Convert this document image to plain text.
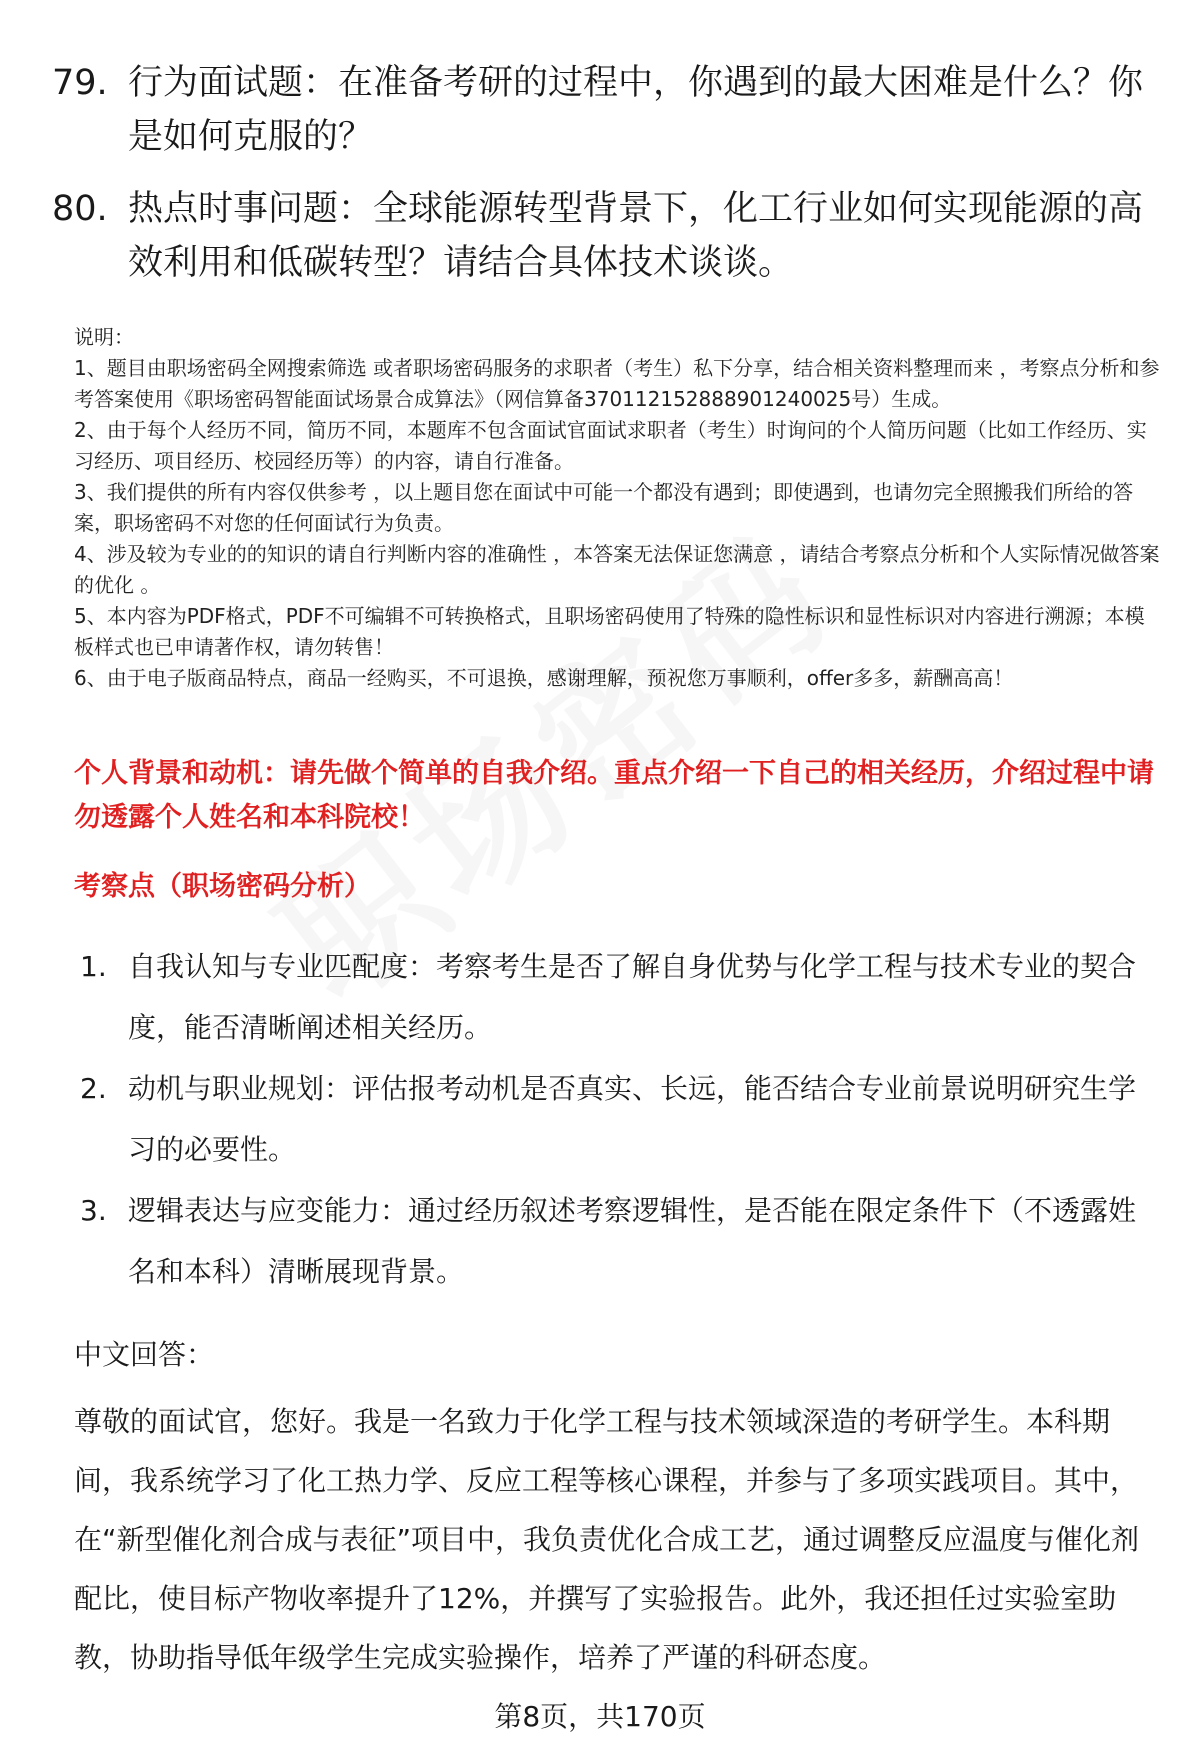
79. 行为面试题：在准备考研的过程中，你遇到的最大困难是什么？你是如何克服的？
80. 热点时事问题：全球能源转型背景下，化工行业如何实现能源的高效利用和低碳转型？请结合具体技术谈谈。

说明：

1、题目由职场密码全网搜索筛选 或者职场密码服务的求职者（考生）私下分享，结合相关资料整理而来 ，考察点分析和参考答案使用《职场密码智能面试场景合成算法》（网信算备370112152888901240025号）生成。

2、由于每个人经历不同，简历不同，本题库不包含面试官面试求职者（考生）时询问的个人简历问题（比如工作经历、实习经历、项目经历、校园经历等）的内容，请自行准备。

3、我们提供的所有内容仅供参考 ，以上题目您在面试中可能一个都没有遇到；即使遇到，也请勿完全照搬我们所给的答案，职场密码不对您的任何面试行为负责。

4、涉及较为专业的的知识的请自行判断内容的准确性 ，本答案无法保证您满意 ，请结合考察点分析和个人实际情况做答案的优化 。

5、本内容为PDF格式，PDF不可编辑不可转换格式，且职场密码使用了特殊的隐性标识和显性标识对内容进行溯源；本模板样式也已申请著作权，请勿转售！

6、由于电子版商品特点，商品一经购买，不可退换，感谢理解，预祝您万事顺利，offer多多，薪酬高高！

个人背景和动机：请先做个简单的自我介绍。重点介绍一下自己的相关经历，介绍过程中请勿透露个人姓名和本科院校！
考察点（职场密码分析）
1. 自我认知与专业匹配度：考察考生是否了解自身优势与化学工程与技术专业的契合度，能否清晰阐述相关经历。
2. 动机与职业规划：评估报考动机是否真实、长远，能否结合专业前景说明研究生学习的必要性。
3. 逻辑表达与应变能力：通过经历叙述考察逻辑性，是否能在限定条件下（不透露姓名和本科）清晰展现背景。
中文回答：
尊敬的面试官，您好。我是一名致力于化学工程与技术领域深造的考研学生。本科期间，我系统学习了化工热力学、反应工程等核心课程，并参与了多项实践项目。其中，在“新型催化剂合成与表征”项目中，我负责优化合成工艺，通过调整反应温度与催化剂配比，使目标产物收率提升了12%，并撰写了实验报告。此外，我还担任过实验室助教，协助指导低年级学生完成实验操作，培养了严谨的科研态度。
第8页，共170页
